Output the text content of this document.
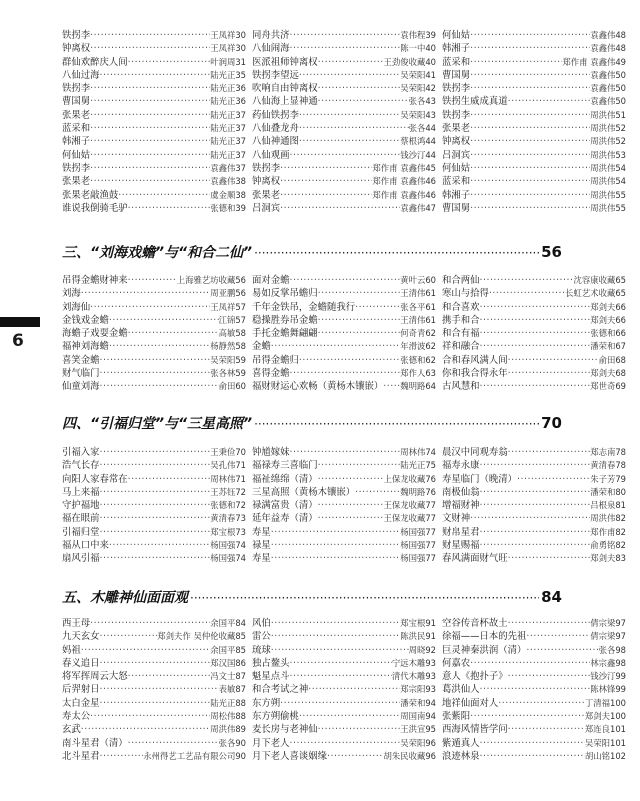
6
铁拐李 ·····	王凤祥30
钟离权 ·····	王凤祥30
群仙欢醉庆人间 ·····	叶润周31
八仙过海 ·····	陆光正35
铁拐李 ·····	陆光正36
曹国舅 ·····	陆光正36
张果老 ·····	陆光正37
蓝采和 ·····	陆光正37
韩湘子 ·····	陆光正37
何仙姑 ·····	陆光正37
铁拐李 ·····	袁鑫伟37
张果老 ·····	袁鑫伟38
张果老敲渔鼓 ·····	虞金顺38
谁说我倒骑毛驴 ·····	张德和39
同舟共济 ·····	袁伟程39
八仙闹海 ·····	陈一中40
医派祖师钟离权 ·····	王劲俊收藏40
铁拐李望远 ·····	吴荣阳41
吹响自由钟离权 ·····	吴荣阳42
八仙海上显神通 ·····	张各43
药仙铁拐李 ·····	吴荣阳43
八仙叠龙舟 ·····	张各44
八仙神通图 ·····	蔡根鸿44
八仙观画 ·····	钱沙汀44
铁拐李 ·····	郑作甫 袁鑫伟45
钟离权 ·····	郑作甫 袁鑫伟46
张果老 ·····	郑作甫 袁鑫伟46
吕洞宾 ·····	袁鑫伟47
何仙姑 ·····	袁鑫伟48
韩湘子 ·····	袁鑫伟48
蓝采和 ·····	郑作甫 袁鑫伟49
曹国舅 ·····	袁鑫伟50
铁拐李 ·····	袁鑫伟50
铁拐生威成真道 ·····	袁鑫伟50
铁拐李 ·····	周洪伟51
张果老 ·····	周洪伟52
钟离权 ·····	周洪伟52
吕洞宾 ·····	周洪伟53
何仙姑 ·····	周洪伟54
蓝采和 ·····	周洪伟54
韩湘子 ·····	周洪伟55
曹国舅 ·····	周洪伟55
三、“刘海戏蟾”与“和合二仙” ·····	56
吊得金蟾财神来 ·····	上海雅艺坊收藏56
刘海 ·····	周亚鹏56
刘海仙 ·····	王凤祥57
金钱戏金蟾 ·····	江锦57
海蟾子戏耍金蟾 ·····	高敏58
福神刘海蟾 ·····	杨静然58
喜笑金蟾 ·····	吴荣阳59
财气临门 ·····	张各林59
仙童刘海 ·····	俞田60
面对金蟾 ·····	黄叶云60
易如反掌吊蟾归 ·····	王清伟61
千年金铁吊，金蟾随我行 ·····	张各平61
稳操胜券吊金蟾 ·····	王清伟61
手托金蟾舞翩翩 ·····	何奇青62
金蟾 ·····	年滑波62
吊得金蟾归 ·····	张德和62
喜得金蟾 ·····	郑作人63
福财财运心欢畅（黄杨木镶嵌） ····· 魏明路64
和合两仙 ·····	沈容康收藏65
寒山与拾得 ·····	长虹艺术收藏65
和合喜欢 ·····	郑剑夫66
携手和合 ·····	郑剑夫66
和合有福 ·····	张德和66
祥和融合 ·····	潘荣和67
合和春风满人间 ·····	俞田68
你和我合得永年 ·····	郑剑夫68
古风慧和 ·····	郑世奇69
四、“引福归堂”与“三星高照” ·····	70
引福入家 ·····	王秉俭70
浩气长存 ·····	吴孔伟71
向阳人家春常在 ·····	周林伟71
马上来福 ·····	王苏钰72
守护福地 ·····	张德和72
福在眼前 ·····	黄清春73
引福归堂 ·····	郑宝根73
福从口中来 ·····	杨国强74
扇风引福 ·····	杨国强74
钟馗嫁妹 ·····	周林伟74
福禄寿三喜临门 ·····	陆光正75
福祉绵绵（清） ·····	上保龙收藏76
三星高照（黄杨木镶嵌） ·····	魏明路76
禄满富贵（清） ·····	王保龙收藏77
延年益寿（清） ·····	王保龙收藏77
寿星 ·····	杨国强77
禄星 ·····	杨国强77
寿星 ·····	杨国强77
晨汉中同观寿翁 ·····	郑志南78
福寿永康 ·····	黄清春78
寿星临门（晚清） ·····	朱子芳79
南极仙翁 ·····	潘荣和80
增福财神 ·····	吕根泉81
文财神 ·····	周洪伟82
财帛星君 ·····	郑作甫82
财星赐福 ·····	俞勇铭82
春风满面财气旺 ·····	郑剑夫83
五、木雕神仙面面观 ·····	84
西王母 ·····	余国平84
九天玄女 ·····	郑剑夫作 吴仲伦收藏85
妈祖 ·····	余国平85
春义追日 ·····	郑汉国86
将军挥周云大怒 ·····	冯文士87
后羿射日 ·····	表敏87
太白金星 ·····	陆光正88
寿太公 ·····	周松伟88
玄武 ·····	周洪伟89
南斗星君（清） ·····	张各90
北斗星君 ·····	永州得艺工艺品有限公司90
风伯 ·····	郑宝根91
雷公 ·····	陈洪民91
琉球 ·····	周晓92
独占鳌头 ·····	宁远木雕93
魁星点斗 ·····	清代木雕93
和合考试之神 ·····	郑宗阳93
东方朔 ·····	潘荣和94
东方朔偷桃 ·····	周国南94
麦长房与老神仙 ·····	王洪宣95
月下老人 ·····	吴荣阳96
月下老人喜谈姻缘 ·····	胡朱民收藏96
空谷传音杯故土 ·····	倩宗梁97
徐福——日本的先祖 ·····	倩宗梁97
巨灵神秦洪润（清） ·····	张各98
何嘉农 ·····	林宗鑫98
意人《抱扑子》 ·····	钱沙汀99
葛洪仙人 ·····	陈林锋99
地祥仙面对人 ·····	丁清福100
张紫阳 ·····	郑剑夫100
西海风情皆学问 ·····	郑连良101
紫遁真人 ·····	吴荣阳101
浪迹林泉 ·····	胡山铭102
